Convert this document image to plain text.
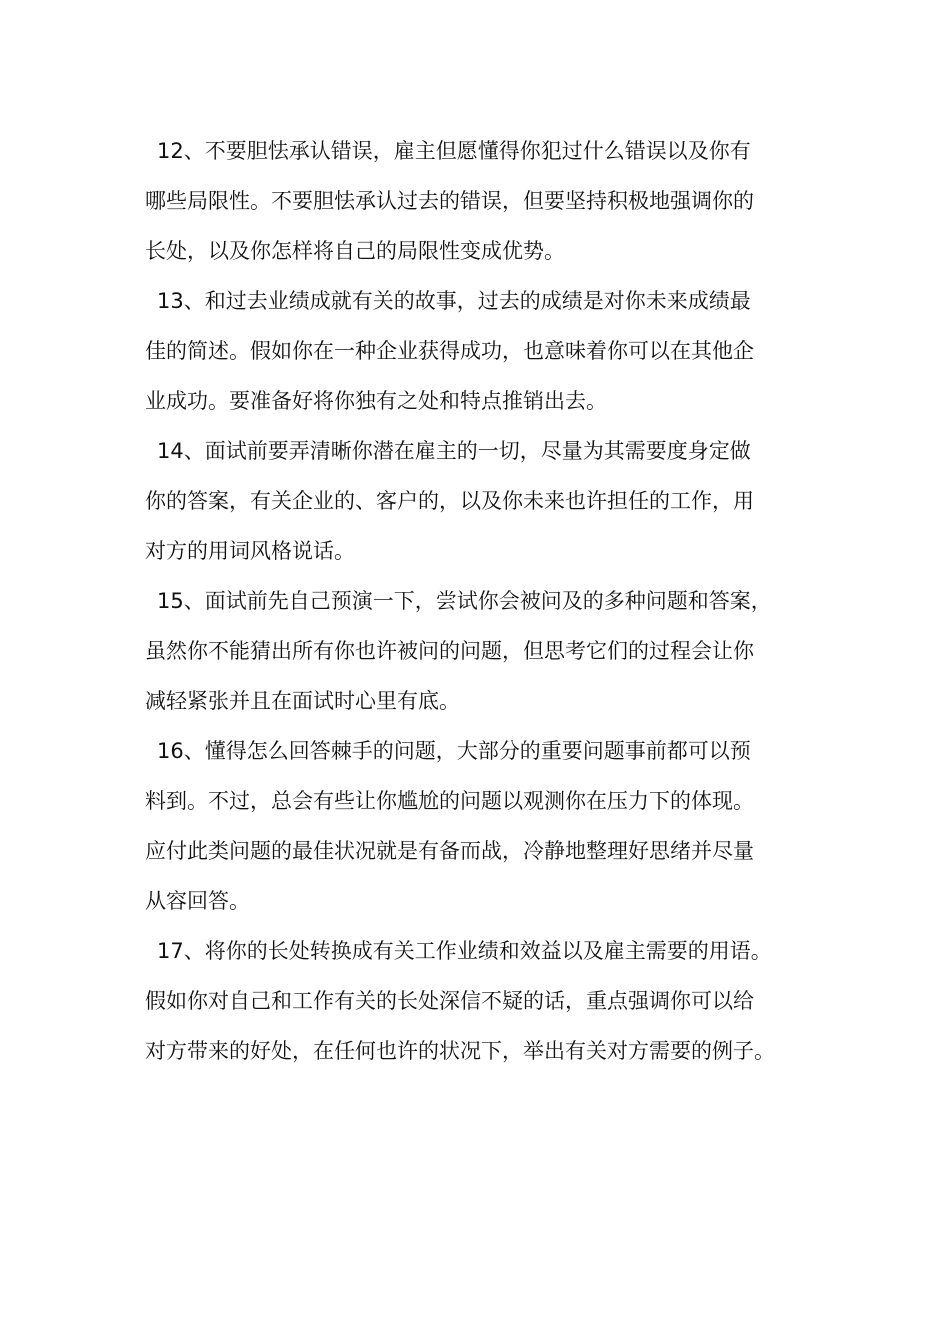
12、不要胆怯承认错误，雇主但愿懂得你犯过什么错误以及你有
哪些局限性。不要胆怯承认过去的错误，但要坚持积极地强调你的
长处，以及你怎样将自己的局限性变成优势。
13、和过去业绩成就有关的故事，过去的成绩是对你未来成绩最
佳的简述。假如你在一种企业获得成功，也意味着你可以在其他企
业成功。要准备好将你独有之处和特点推销出去。
14、面试前要弄清晰你潜在雇主的一切，尽量为其需要度身定做
你的答案，有关企业的、客户的，以及你未来也许担任的工作，用
对方的用词风格说话。
15、面试前先自己预演一下，尝试你会被问及的多种问题和答案，
虽然你不能猜出所有你也许被问的问题，但思考它们的过程会让你
减轻紧张并且在面试时心里有底。
16、懂得怎么回答棘手的问题，大部分的重要问题事前都可以预
料到。不过，总会有些让你尴尬的问题以观测你在压力下的体现。
应付此类问题的最佳状况就是有备而战，冷静地整理好思绪并尽量
从容回答。
17、将你的长处转换成有关工作业绩和效益以及雇主需要的用语。
假如你对自己和工作有关的长处深信不疑的话，重点强调你可以给
对方带来的好处，在任何也许的状况下，举出有关对方需要的例子。
